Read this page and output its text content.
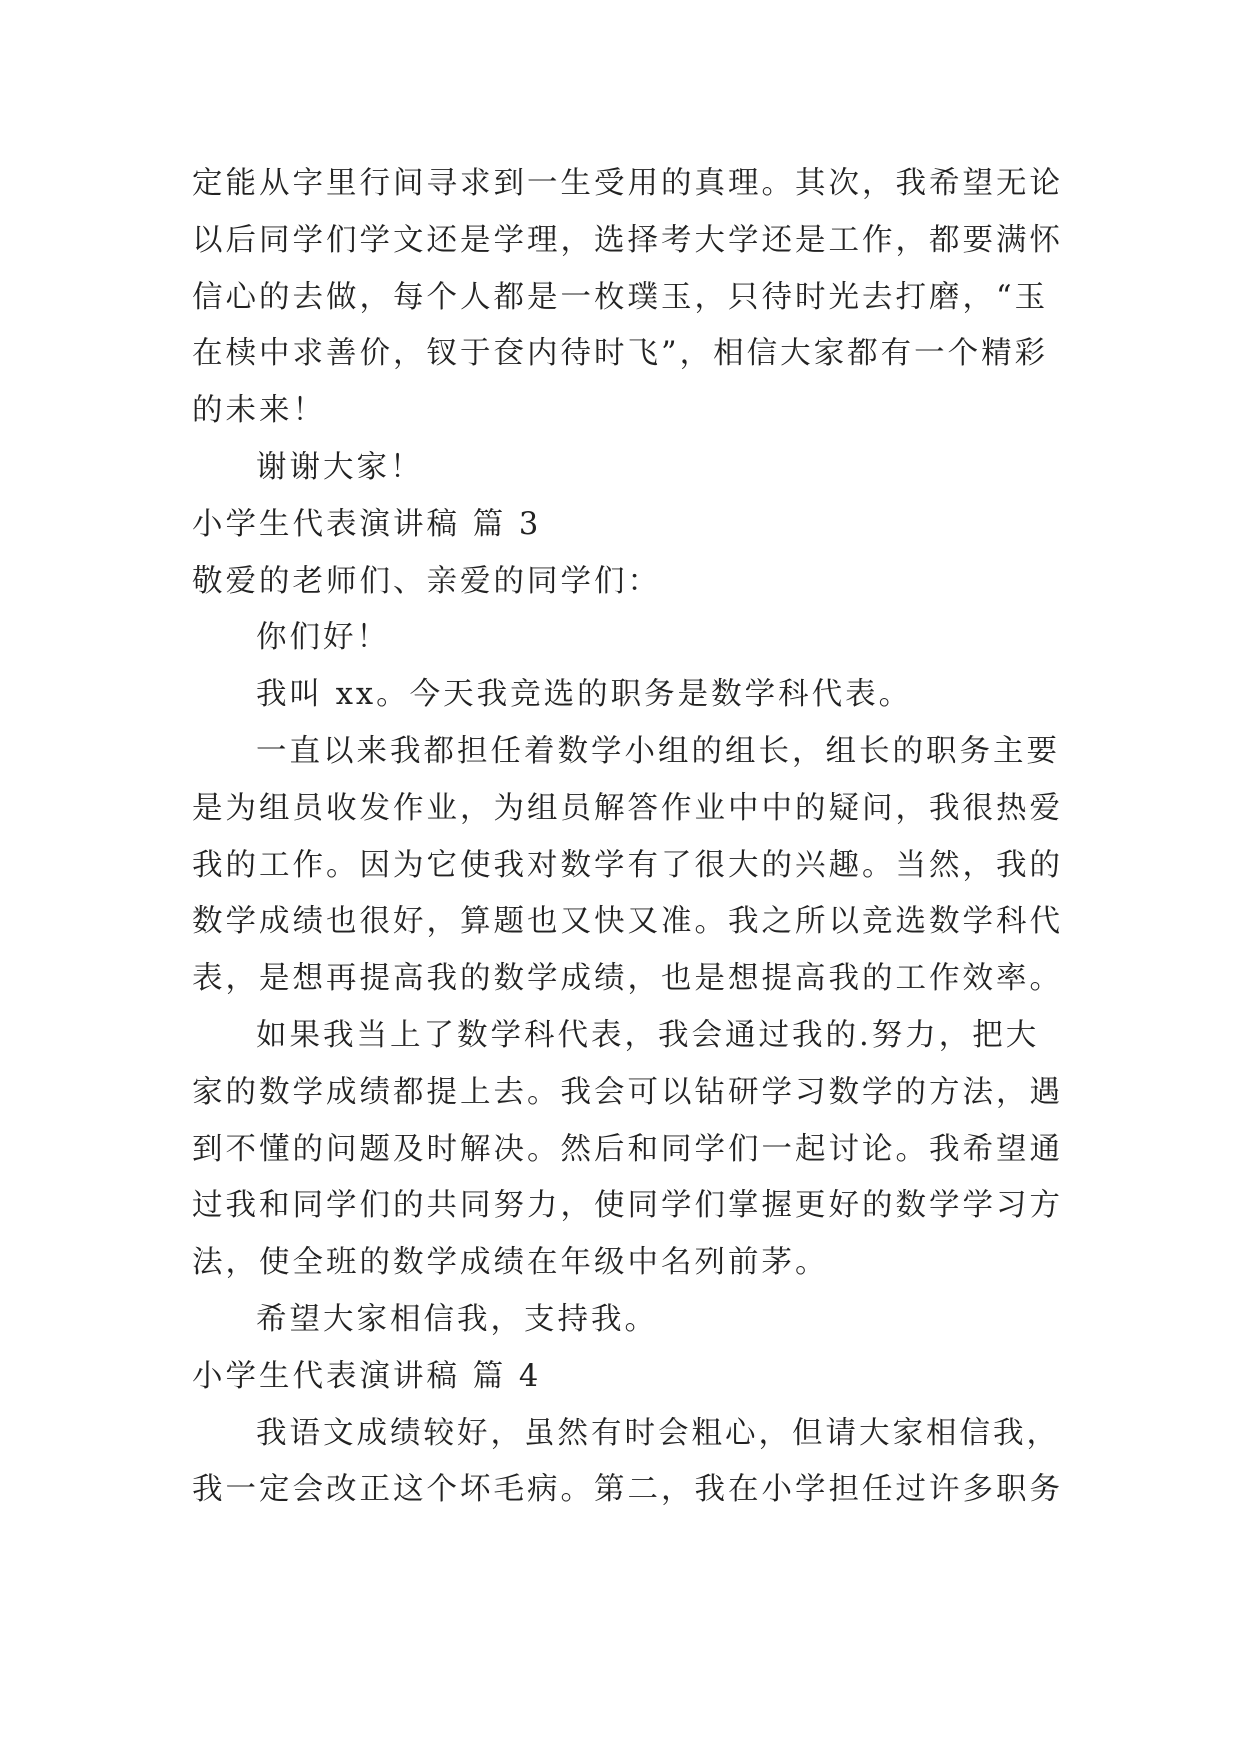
定能从字里行间寻求到一生受用的真理。其次，我希望无论
以后同学们学文还是学理，选择考大学还是工作，都要满怀
信心的去做，每个人都是一枚璞玉，只待时光去打磨，“玉
在椟中求善价，钗于奁内待时飞”，相信大家都有一个精彩
的未来！
谢谢大家！
小学生代表演讲稿 篇 3
敬爱的老师们、亲爱的同学们：
你们好！
我叫 xx。今天我竞选的职务是数学科代表。
一直以来我都担任着数学小组的组长，组长的职务主要
是为组员收发作业，为组员解答作业中中的疑问，我很热爱
我的工作。因为它使我对数学有了很大的兴趣。当然，我的
数学成绩也很好，算题也又快又准。我之所以竞选数学科代
表，是想再提高我的数学成绩，也是想提高我的工作效率。
如果我当上了数学科代表，我会通过我的.努力，把大
家的数学成绩都提上去。我会可以钻研学习数学的方法，遇
到不懂的问题及时解决。然后和同学们一起讨论。我希望通
过我和同学们的共同努力，使同学们掌握更好的数学学习方
法，使全班的数学成绩在年级中名列前茅。
希望大家相信我，支持我。
小学生代表演讲稿 篇 4
我语文成绩较好，虽然有时会粗心，但请大家相信我，
我一定会改正这个坏毛病。第二，我在小学担任过许多职务
